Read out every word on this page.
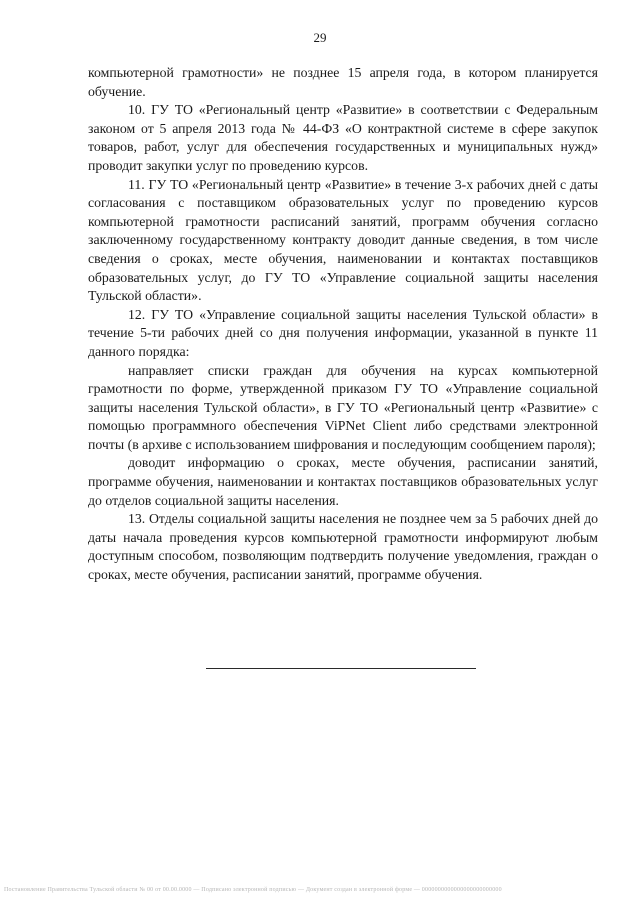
29

компьютерной грамотности» не позднее 15 апреля года, в котором планируется обучение.

10. ГУ ТО «Региональный центр «Развитие» в соответствии с Федеральным законом от 5 апреля 2013 года № 44-ФЗ «О контрактной системе в сфере закупок товаров, работ, услуг для обеспечения государственных и муниципальных нужд» проводит закупки услуг по проведению курсов.

11. ГУ ТО «Региональный центр «Развитие» в течение 3-х рабочих дней с даты согласования с поставщиком образовательных услуг по проведению курсов компьютерной грамотности расписаний занятий, программ обучения согласно заключенному государственному контракту доводит данные сведения, в том числе сведения о сроках, месте обучения, наименовании и контактах поставщиков образовательных услуг, до ГУ ТО «Управление социальной защиты населения Тульской области».

12. ГУ ТО «Управление социальной защиты населения Тульской области» в течение 5-ти рабочих дней со дня получения информации, указанной в пункте 11 данного порядка:

направляет списки граждан для обучения на курсах компьютерной грамотности по форме, утвержденной приказом ГУ ТО «Управление социальной защиты населения Тульской области», в ГУ ТО «Региональный центр «Развитие» с помощью программного обеспечения ViPNet Client либо средствами электронной почты (в архиве с использованием шифрования и последующим сообщением пароля);

доводит информацию о сроках, месте обучения, расписании занятий, программе обучения, наименовании и контактах поставщиков образовательных услуг до отделов социальной защиты населения.

13. Отделы социальной защиты населения не позднее чем за 5 рабочих дней до даты начала проведения курсов компьютерной грамотности информируют любым доступным способом, позволяющим подтвердить получение уведомления, граждан о сроках, месте обучения, расписании занятий, программе обучения.

Постановление Правительства Тульской области № 00 от 00.00.0000 — Подписано электронной подписью — Документ создан в электронной форме — 0000000000000000000000000
